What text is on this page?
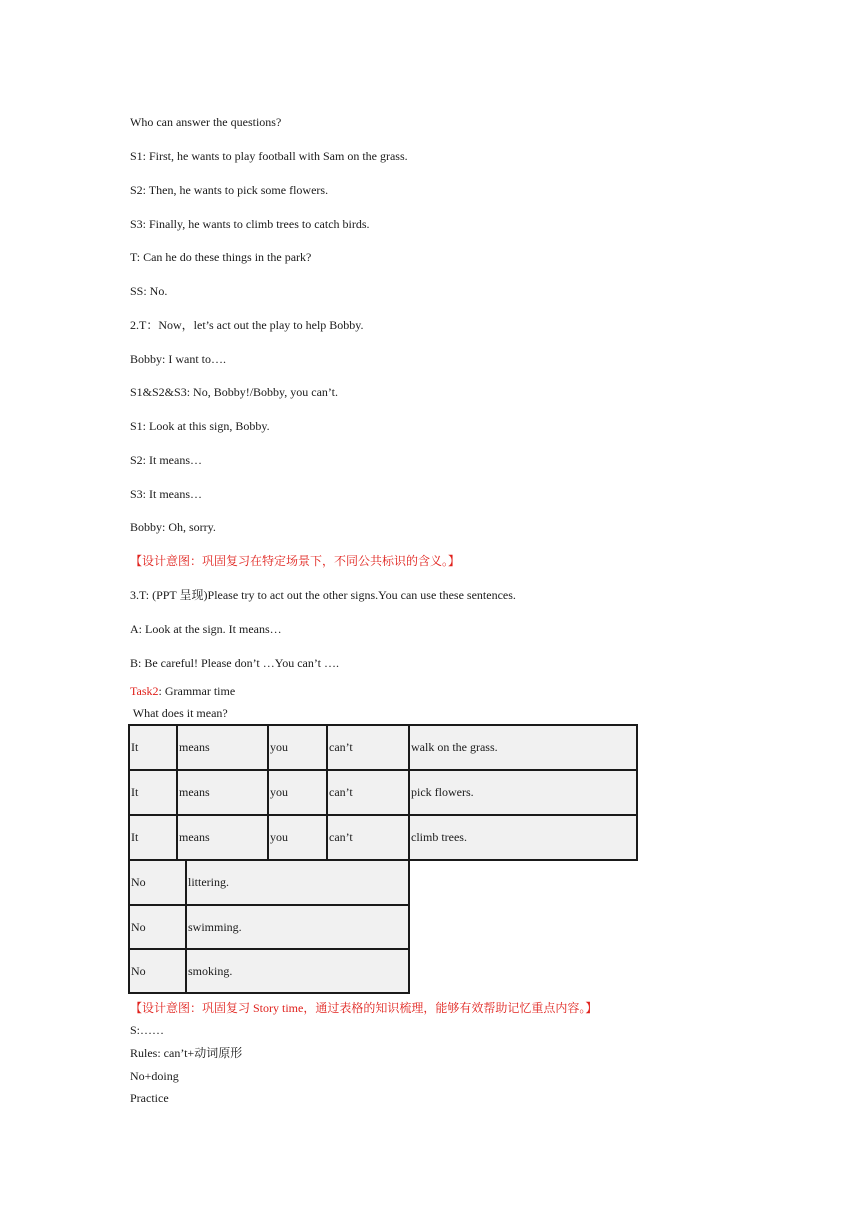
Who can answer the questions?
S1: First, he wants to play football with Sam on the grass.
S2: Then, he wants to pick some flowers.
S3: Finally, he wants to climb trees to catch birds.
T: Can he do these things in the park?
SS: No.
2.T：Now，let’s act out the play to help Bobby.
Bobby: I want to….
S1&S2&S3: No, Bobby!/Bobby, you can’t.
S1: Look at this sign, Bobby.
S2: It means…
S3: It means…
Bobby: Oh, sorry.
【设计意图：巩固复习在特定场景下，不同公共标识的含义。】
3.T: (PPT 呈现)Please try to act out the other signs.You can use these sentences.
A: Look at the sign. It means…
B: Be careful! Please don’t …You can’t ….
Task2: Grammar time
What does it mean?
It	means	you	can’t	walk on the grass.
It	means	you	can’t	pick flowers.
It	means	you	can’t	climb trees.
No	littering.
No	swimming.
No	smoking.
【设计意图：巩固复习 Story time，通过表格的知识梳理，能够有效帮助记忆重点内容。】
S:……
Rules: can’t+动词原形
No+doing
Practice
